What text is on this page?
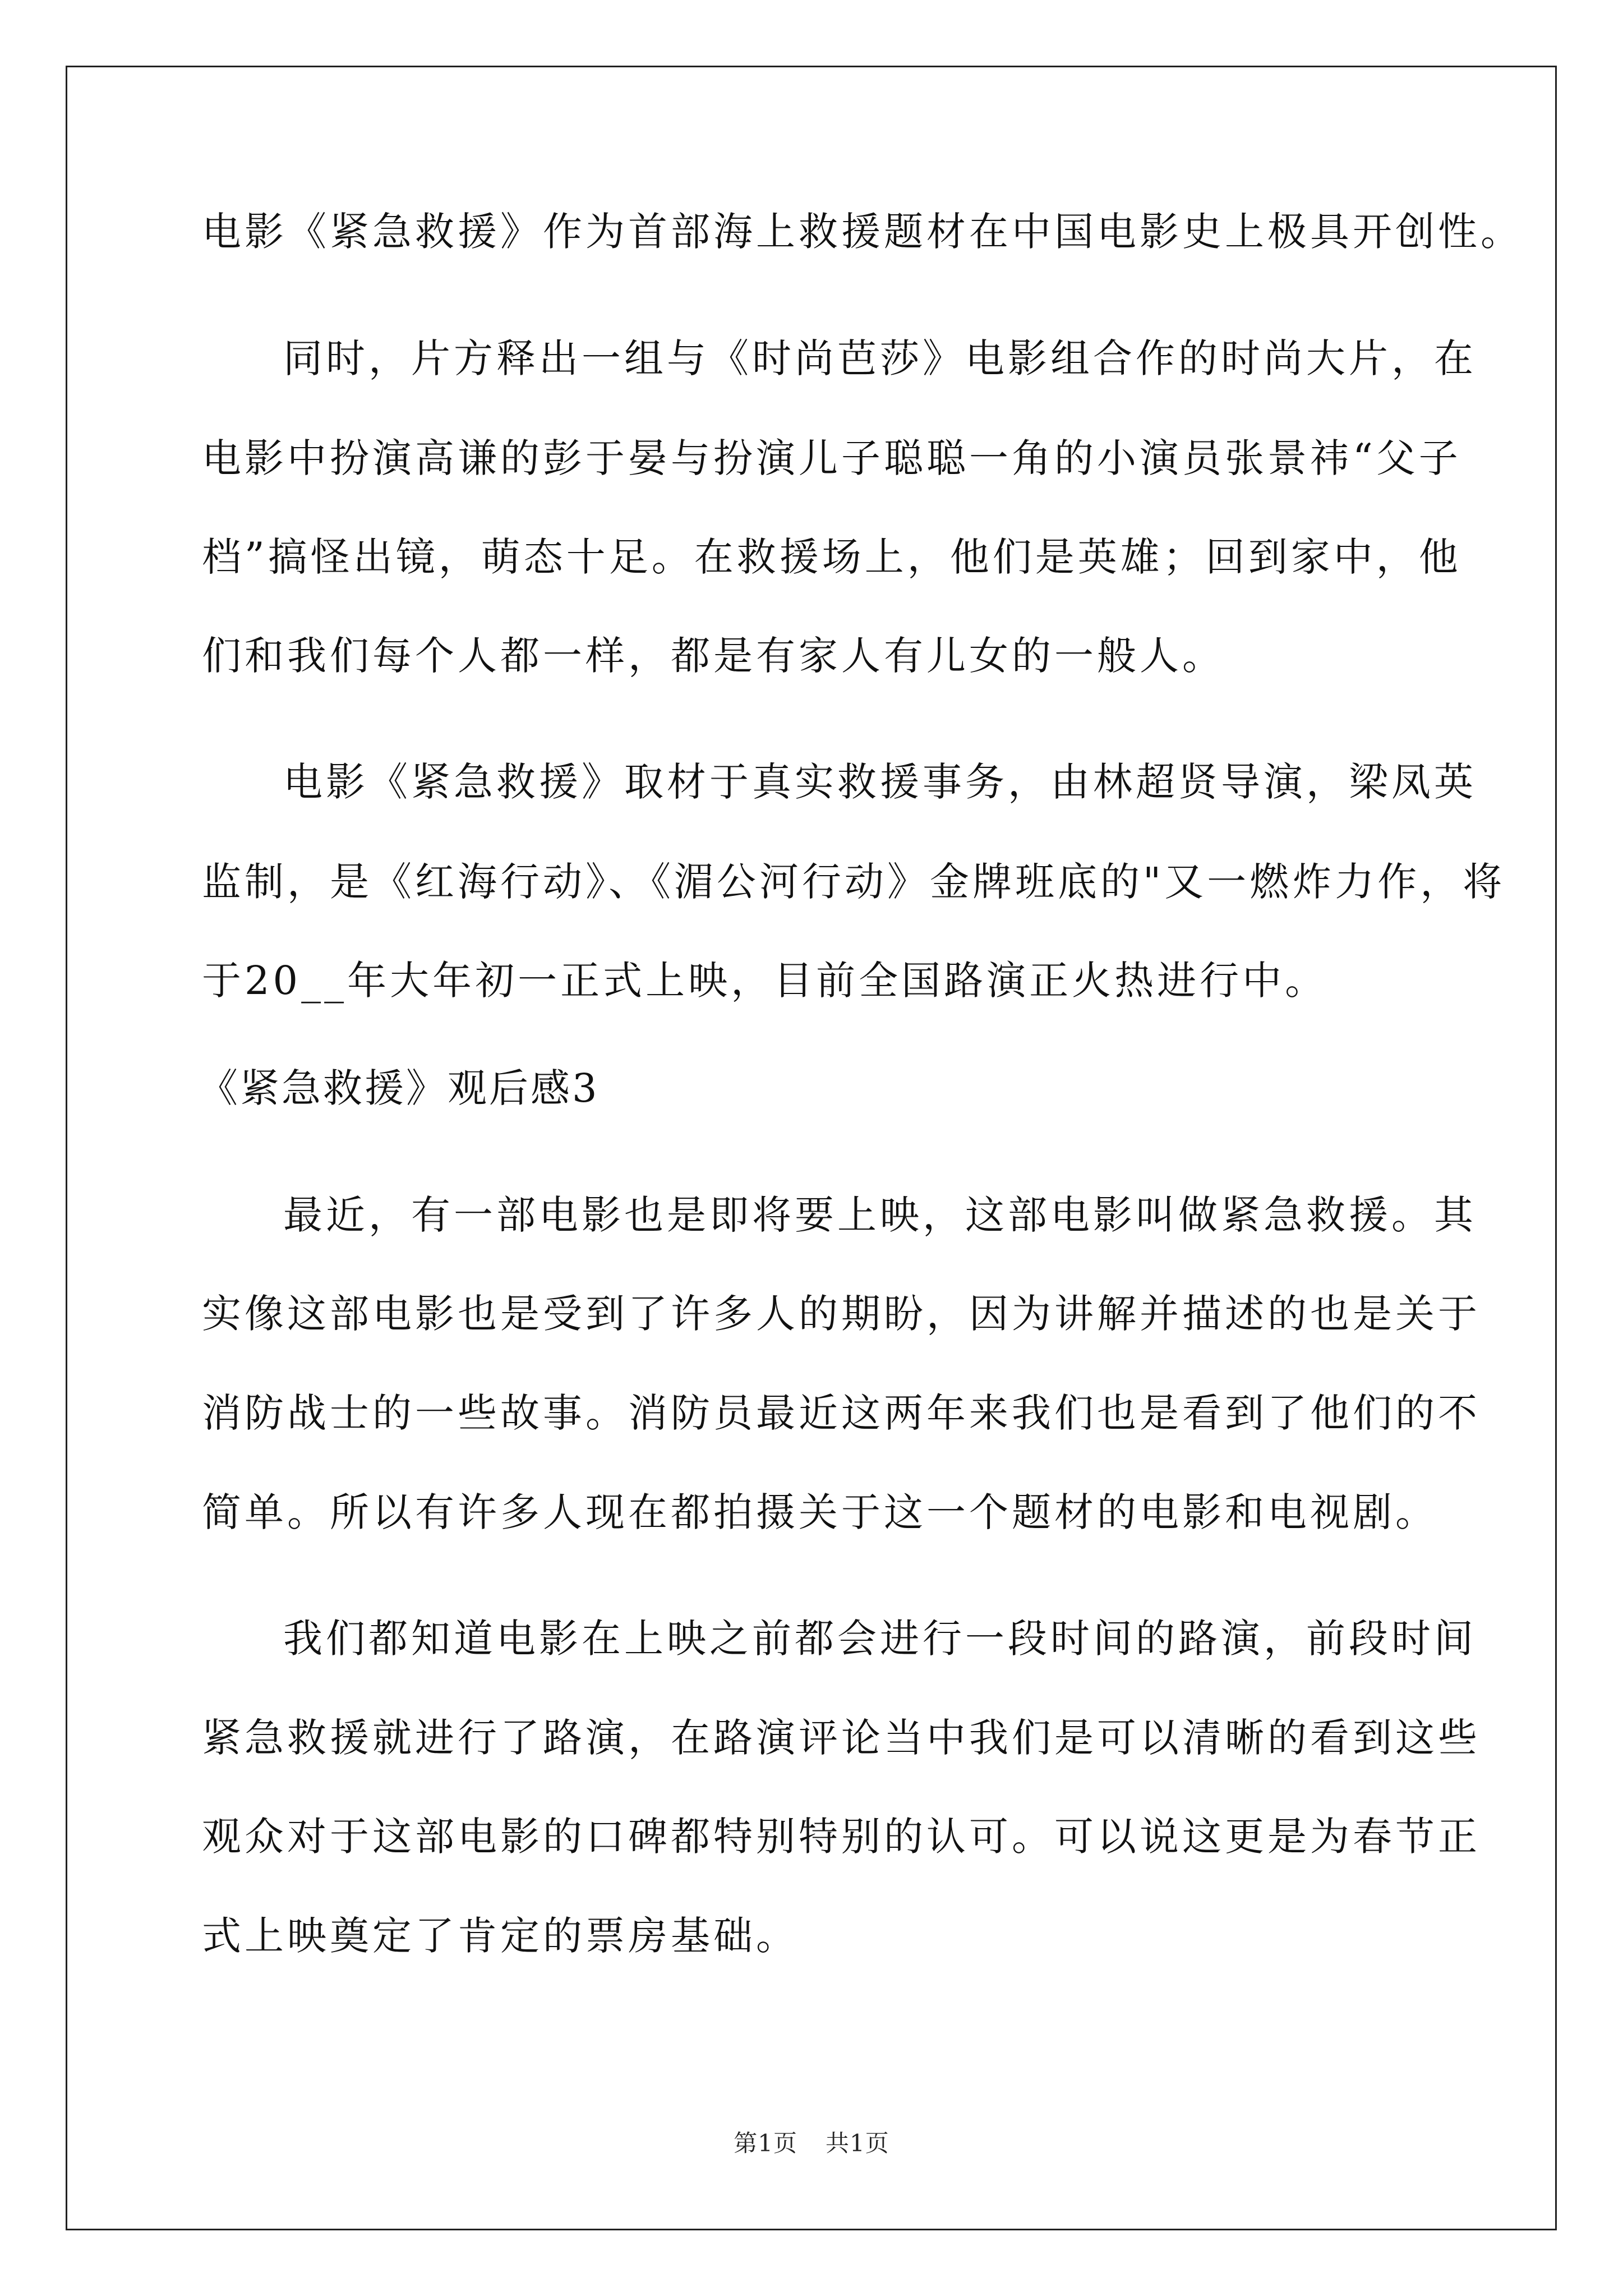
电影《紧急救援》作为首部海上救援题材在中国电影史上极具开创性。
同时，片方释出一组与《时尚芭莎》电影组合作的时尚大片，在
电影中扮演高谦的彭于晏与扮演儿子聪聪一角的小演员张景祎“父子
档”搞怪出镜，萌态十足。在救援场上，他们是英雄；回到家中，他
们和我们每个人都一样，都是有家人有儿女的一般人。
电影《紧急救援》取材于真实救援事务，由林超贤导演，梁凤英
监制，是《红海行动》、《湄公河行动》金牌班底的"又一燃炸力作，将
于20__年大年初一正式上映，目前全国路演正火热进行中。
《紧急救援》观后感3
最近，有一部电影也是即将要上映，这部电影叫做紧急救援。其
实像这部电影也是受到了许多人的期盼，因为讲解并描述的也是关于
消防战士的一些故事。消防员最近这两年来我们也是看到了他们的不
简单。所以有许多人现在都拍摄关于这一个题材的电影和电视剧。
我们都知道电影在上映之前都会进行一段时间的路演，前段时间
紧急救援就进行了路演，在路演评论当中我们是可以清晰的看到这些
观众对于这部电影的口碑都特别特别的认可。可以说这更是为春节正
式上映奠定了肯定的票房基础。
第1页 共1页
